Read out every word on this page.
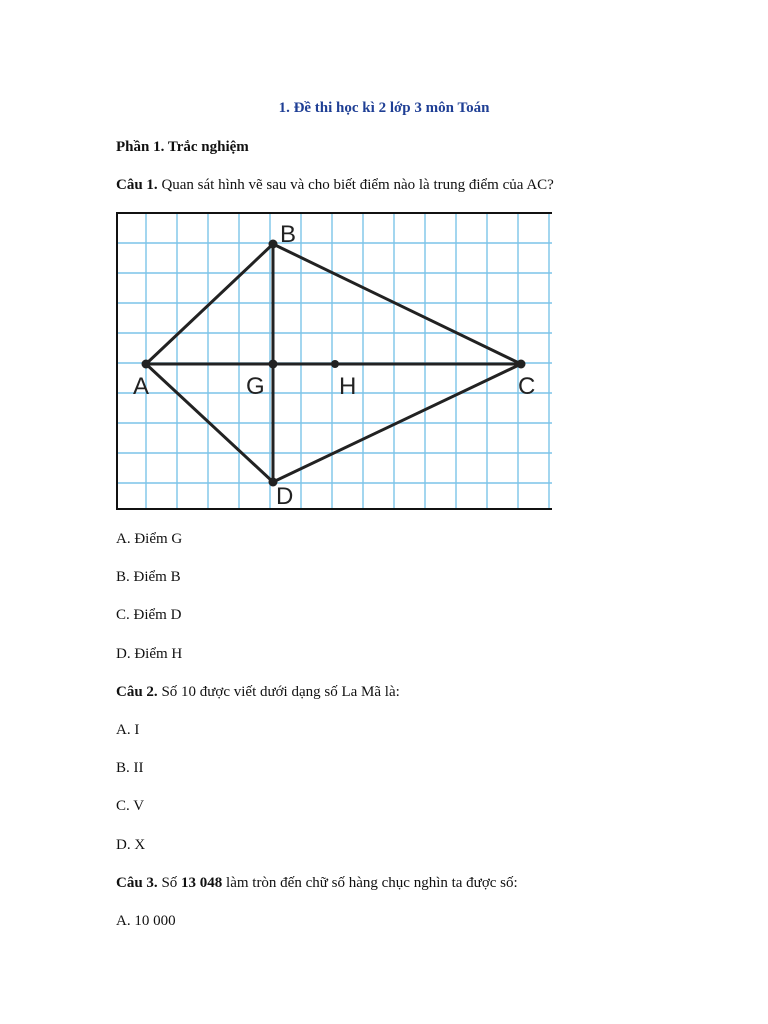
1. Đề thi học kì 2 lớp 3 môn Toán
Phần 1. Trắc nghiệm
Câu 1. Quan sát hình vẽ sau và cho biết điểm nào là trung điểm của AC?
A
B
C
D
G	H
A. Điểm G
B. Điểm B
C. Điểm D
D. Điểm H
Câu 2. Số 10 được viết dưới dạng số La Mã là:
A. I
B. II
C. V
D. X
Câu 3. Số 13 048 làm tròn đến chữ số hàng chục nghìn ta được số:
A. 10 000
